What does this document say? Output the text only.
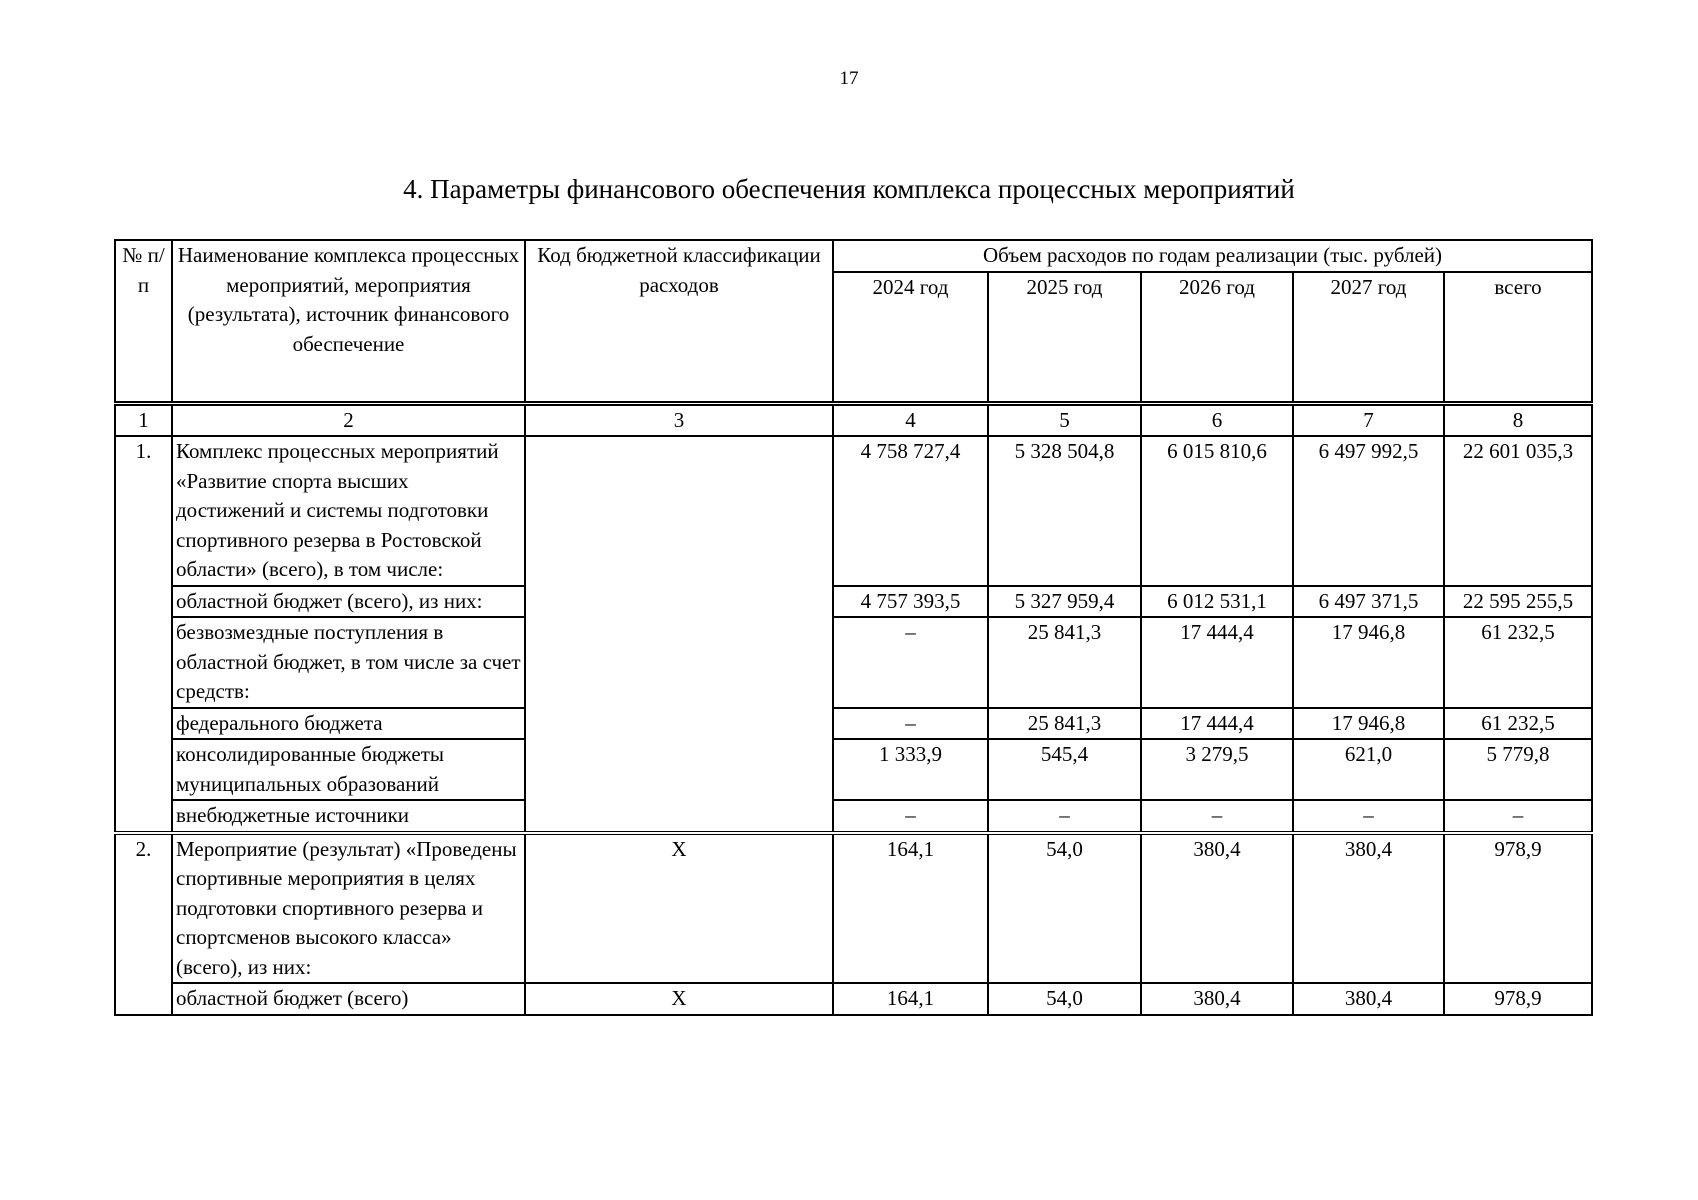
17
4. Параметры финансового обеспечения комплекса процессных мероприятий
№ п/п	Наименование комплекса процессных мероприятий, мероприятия (результата), источник финансового обеспечение	Код бюджетной классификации расходов	Объем расходов по годам реализации (тыс. рублей)				
			2024 год	2025 год	2026 год	2027 год	всего
1	2	3	4	5	6	7	8
1.	Комплекс процессных мероприятий «Развитие спорта высших достижений и системы подготовки спортивного резерва в Ростовской области» (всего), в том числе:		4 758 727,4	5 328 504,8	6 015 810,6	6 497 992,5	22 601 035,3
	областной бюджет (всего), из них:		4 757 393,5	5 327 959,4	6 012 531,1	6 497 371,5	22 595 255,5
	безвозмездные поступления в областной бюджет, в том числе за счет средств:		–	25 841,3	17 444,4	17 946,8	61 232,5
	федерального бюджета		–	25 841,3	17 444,4	17 946,8	61 232,5
	консолидированные бюджеты муниципальных образований		1 333,9	545,4	3 279,5	621,0	5 779,8
	внебюджетные источники		–	–	–	–	–
2.	Мероприятие (результат) «Проведены спортивные мероприятия в целях подготовки спортивного резерва и спортсменов высокого класса» (всего), из них:	Х	164,1	54,0	380,4	380,4	978,9
	областной бюджет (всего)	Х	164,1	54,0	380,4	380,4	978,9
